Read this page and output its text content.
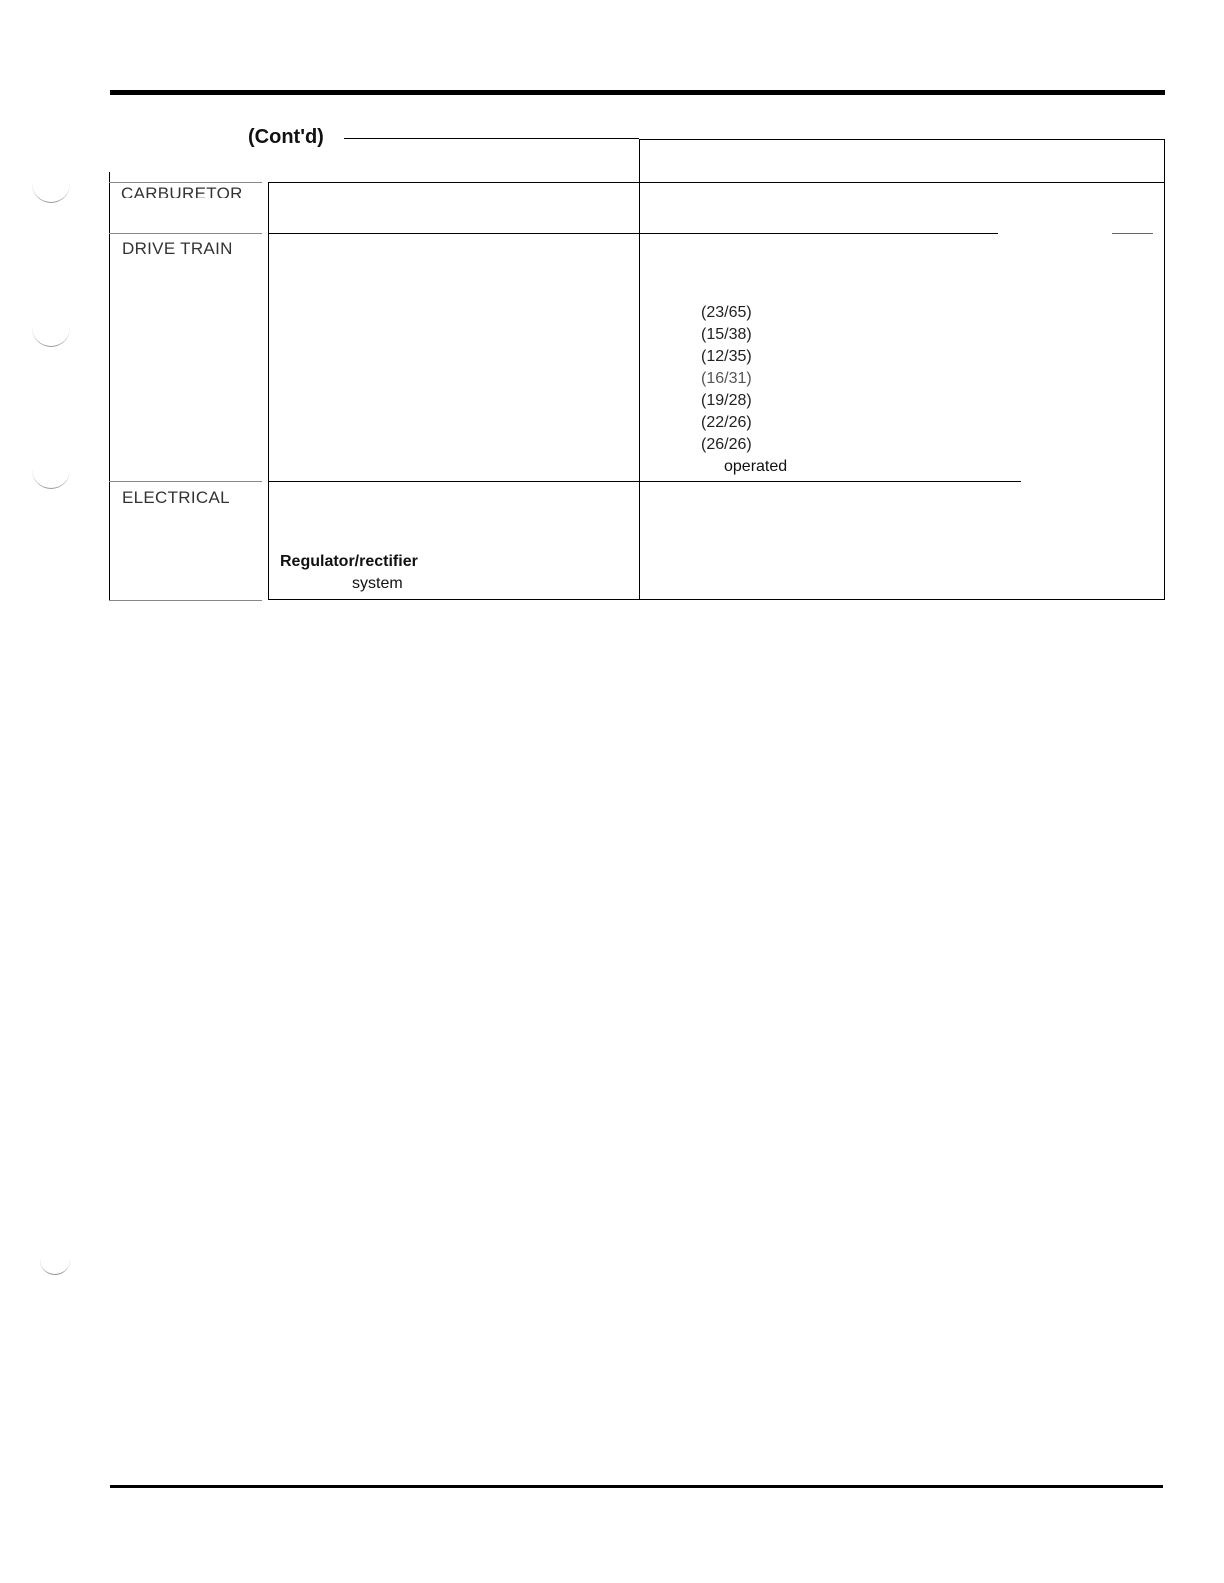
(Cont'd)
CARBURETOR
DRIVE TRAIN
ELECTRICAL
(23/65)
(15/38)
(12/35)
(16/31)
(19/28)
(22/26)
(26/26)
operated
Regulator/rectifier
system
